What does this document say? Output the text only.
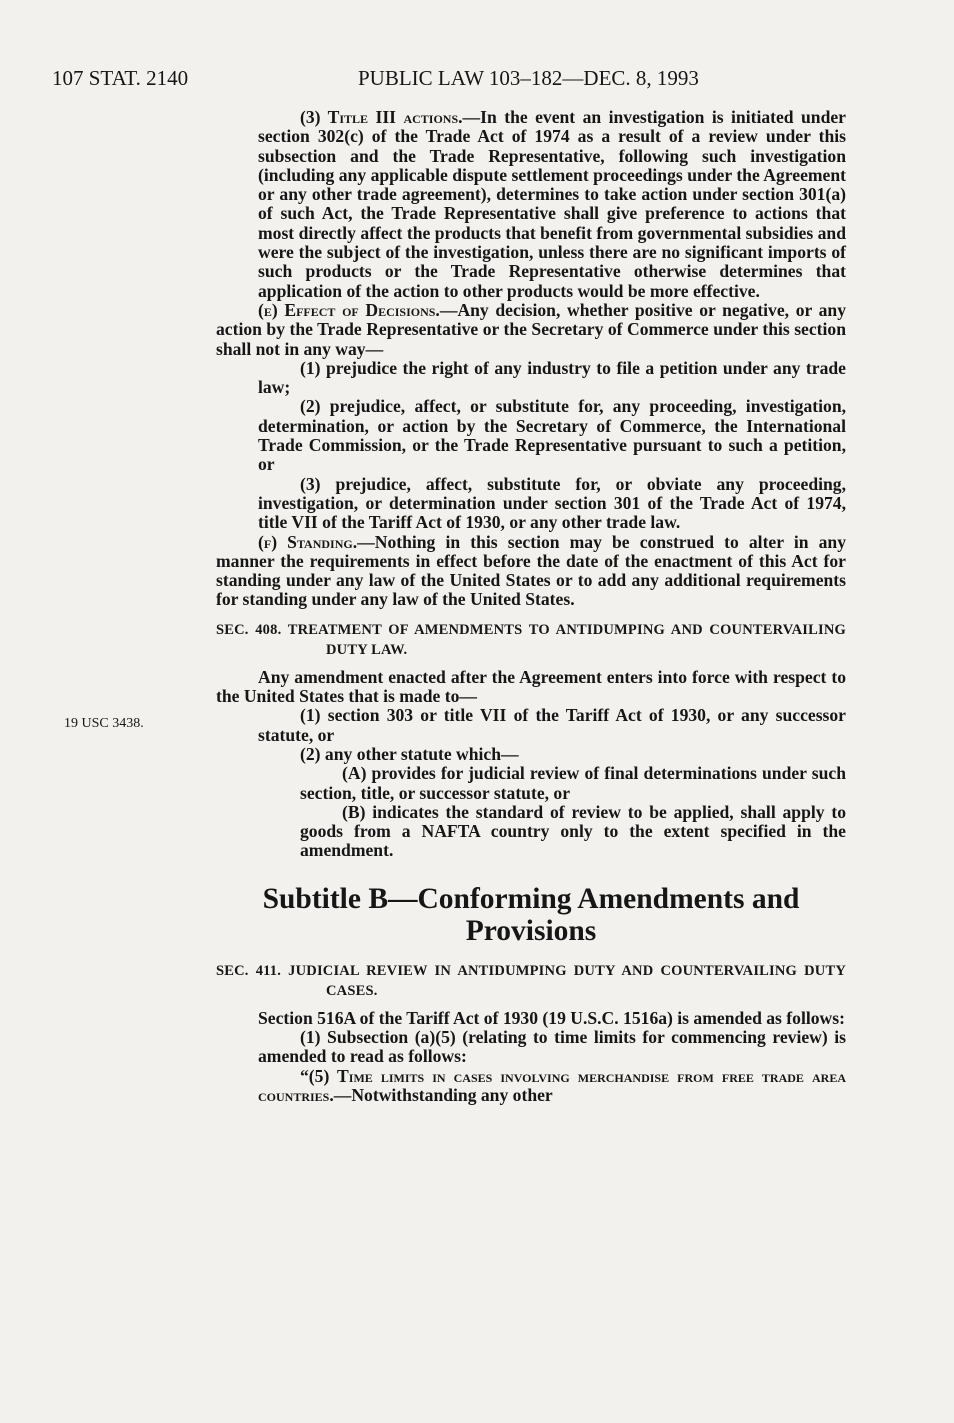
107 STAT. 2140	PUBLIC LAW 103–182—DEC. 8, 1993
19 USC 3438.

(3) Title III actions.—In the event an investigation is initiated under section 302(c) of the Trade Act of 1974 as a result of a review under this subsection and the Trade Representative, following such investigation (including any applicable dispute settlement proceedings under the Agreement or any other trade agreement), determines to take action under section 301(a) of such Act, the Trade Representative shall give preference to actions that most directly affect the products that benefit from governmental subsidies and were the subject of the investigation, unless there are no significant imports of such products or the Trade Representative otherwise determines that application of the action to other products would be more effective.

(e) Effect of Decisions.—Any decision, whether positive or negative, or any action by the Trade Representative or the Secretary of Commerce under this section shall not in any way—

(1) prejudice the right of any industry to file a petition under any trade law;

(2) prejudice, affect, or substitute for, any proceeding, investigation, determination, or action by the Secretary of Commerce, the International Trade Commission, or the Trade Representative pursuant to such a petition, or

(3) prejudice, affect, substitute for, or obviate any proceeding, investigation, or determination under section 301 of the Trade Act of 1974, title VII of the Tariff Act of 1930, or any other trade law.

(f) Standing.—Nothing in this section may be construed to alter in any manner the requirements in effect before the date of the enactment of this Act for standing under any law of the United States or to add any additional requirements for standing under any law of the United States.

SEC. 408. TREATMENT OF AMENDMENTS TO ANTIDUMPING AND COUNTERVAILING DUTY LAW.

Any amendment enacted after the Agreement enters into force with respect to the United States that is made to—

(1) section 303 or title VII of the Tariff Act of 1930, or any successor statute, or

(2) any other statute which—

(A) provides for judicial review of final determinations under such section, title, or successor statute, or

(B) indicates the standard of review to be applied, shall apply to goods from a NAFTA country only to the extent specified in the amendment.

Subtitle B—Conforming Amendments and Provisions

SEC. 411. JUDICIAL REVIEW IN ANTIDUMPING DUTY AND COUNTERVAILING DUTY CASES.

Section 516A of the Tariff Act of 1930 (19 U.S.C. 1516a) is amended as follows:

(1) Subsection (a)(5) (relating to time limits for commencing review) is amended to read as follows:

“(5) Time limits in cases involving merchandise from free trade area countries.—Notwithstanding any other
